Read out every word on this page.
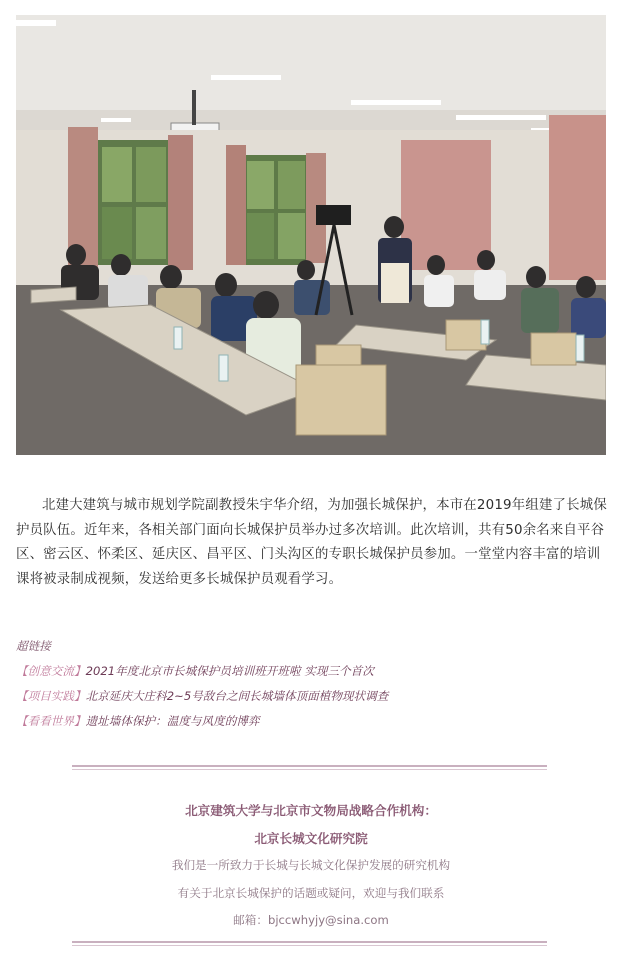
北建大建筑与城市规划学院副教授朱宇华介绍，为加强长城保护，本市在2019年组建了长城保护员队伍。近年来，各相关部门面向长城保护员举办过多次培训。此次培训，共有50余名来自平谷区、密云区、怀柔区、延庆区、昌平区、门头沟区的专职长城保护员参加。一堂堂内容丰富的培训课将被录制成视频，发送给更多长城保护员观看学习。

超链接
【创意交流】2021年度北京市长城保护员培训班开班啦 实现三个首次
【项目实践】北京延庆大庄科2~5号敌台之间长城墙体顶面植物现状调查
【看看世界】遗址墙体保护：温度与风度的博弈
北京建筑大学与北京市文物局战略合作机构：
北京长城文化研究院
我们是一所致力于长城与长城文化保护发展的研究机构
有关于北京长城保护的话题或疑问，欢迎与我们联系
邮箱：bjccwhyjy@sina.com
